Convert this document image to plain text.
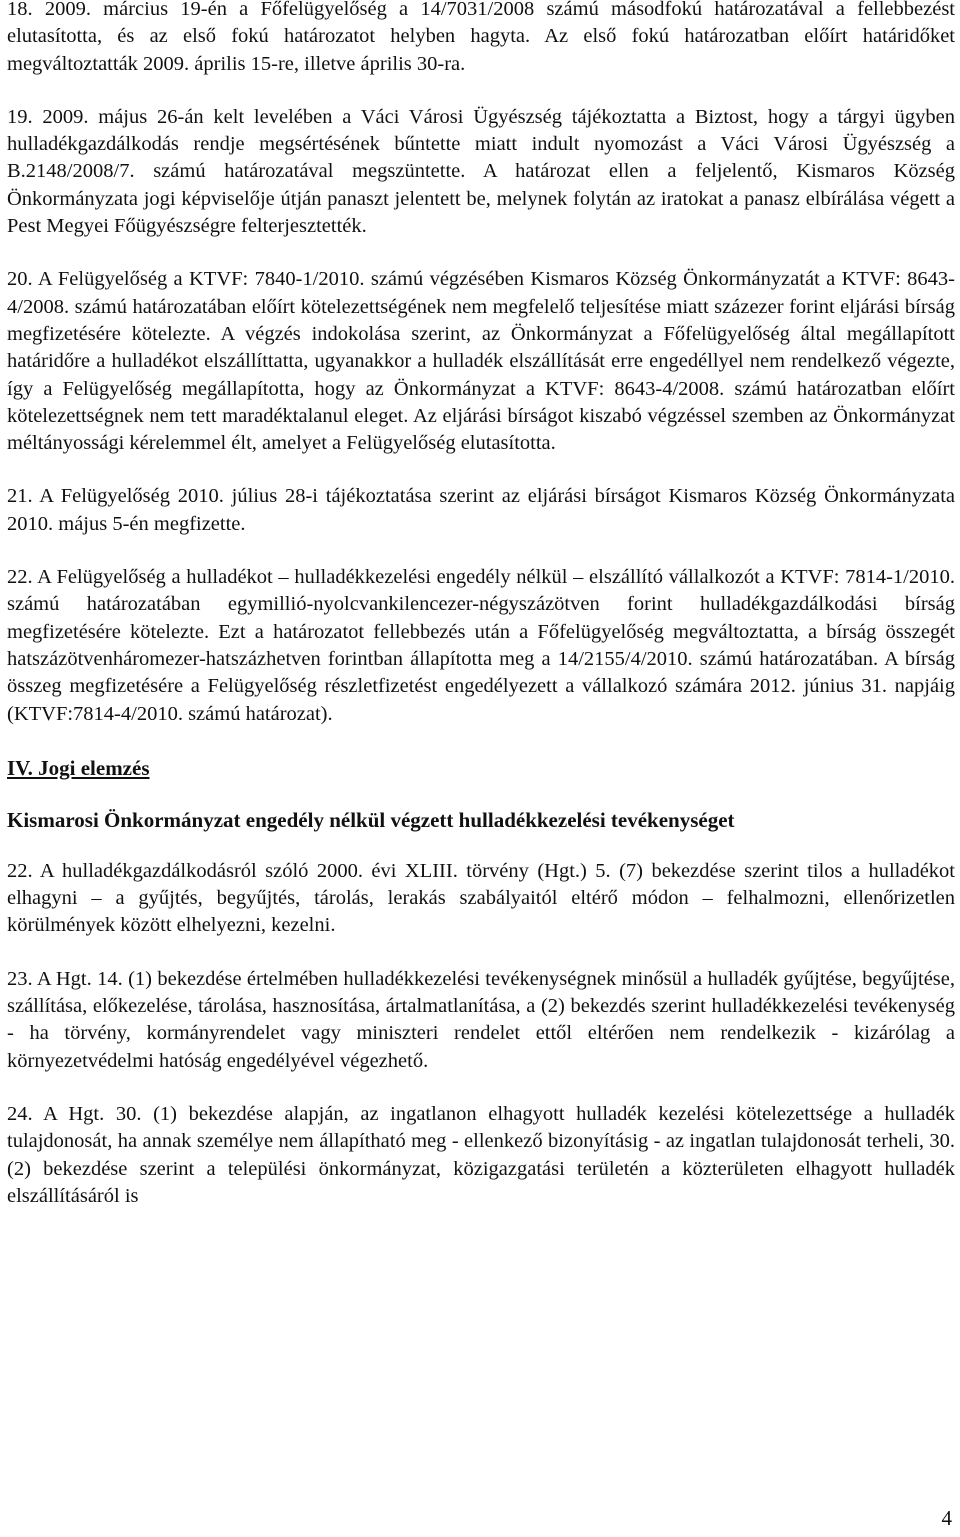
18. 2009. március 19-én a Főfelügyelőség a 14/7031/2008 számú másodfokú határozatával a fellebbezést elutasította, és az első fokú határozatot helyben hagyta. Az első fokú határozatban előírt határidőket megváltoztatták 2009. április 15-re, illetve április 30-ra.

19. 2009. május 26-án kelt levelében a Váci Városi Ügyészség tájékoztatta a Biztost, hogy a tárgyi ügyben hulladékgazdálkodás rendje megsértésének bűntette miatt indult nyomozást a Váci Városi Ügyészség a B.2148/2008/7. számú határozatával megszüntette. A határozat ellen a feljelentő, Kismaros Község Önkormányzata jogi képviselője útján panaszt jelentett be, melynek folytán az iratokat a panasz elbírálása végett a Pest Megyei Főügyészségre felterjesztették.

20. A Felügyelőség a KTVF: 7840-1/2010. számú végzésében Kismaros Község Önkormányzatát a KTVF: 8643-4/2008. számú határozatában előírt kötelezettségének nem megfelelő teljesítése miatt százezer forint eljárási bírság megfizetésére kötelezte. A végzés indokolása szerint, az Önkormányzat a Főfelügyelőség által megállapított határidőre a hulladékot elszállíttatta, ugyanakkor a hulladék elszállítását erre engedéllyel nem rendelkező végezte, így a Felügyelőség megállapította, hogy az Önkormányzat a KTVF: 8643-4/2008. számú határozatban előírt kötelezettségnek nem tett maradéktalanul eleget. Az eljárási bírságot kiszabó végzéssel szemben az Önkormányzat méltányossági kérelemmel élt, amelyet a Felügyelőség elutasította.

21. A Felügyelőség 2010. július 28-i tájékoztatása szerint az eljárási bírságot Kismaros Község Önkormányzata 2010. május 5-én megfizette.

22. A Felügyelőség a hulladékot – hulladékkezelési engedély nélkül – elszállító vállalkozót a KTVF: 7814-1/2010. számú határozatában egymillió-nyolcvankilencezer-négyszázötven forint hulladékgazdálkodási bírság megfizetésére kötelezte. Ezt a határozatot fellebbezés után a Főfelügyelőség megváltoztatta, a bírság összegét hatszázötvenháromezer-hatszázhetven forintban állapította meg a 14/2155/4/2010. számú határozatában. A bírság összeg megfizetésére a Felügyelőség részletfizetést engedélyezett a vállalkozó számára 2012. június 31. napjáig (KTVF:7814-4/2010. számú határozat).

IV. Jogi elemzés
Kismarosi Önkormányzat engedély nélkül végzett hulladékkezelési tevékenységet

22. A hulladékgazdálkodásról szóló 2000. évi XLIII. törvény (Hgt.) 5. (7) bekezdése szerint tilos a hulladékot elhagyni – a gyűjtés, begyűjtés, tárolás, lerakás szabályaitól eltérő módon – felhalmozni, ellenőrizetlen körülmények között elhelyezni, kezelni.

23. A Hgt. 14. (1) bekezdése értelmében hulladékkezelési tevékenységnek minősül a hulladék gyűjtése, begyűjtése, szállítása, előkezelése, tárolása, hasznosítása, ártalmatlanítása, a (2) bekezdés szerint hulladékkezelési tevékenység - ha törvény, kormányrendelet vagy miniszteri rendelet ettől eltérően nem rendelkezik - kizárólag a környezetvédelmi hatóság engedélyével végezhető.

24. A Hgt. 30. (1) bekezdése alapján, az ingatlanon elhagyott hulladék kezelési kötelezettsége a hulladék tulajdonosát, ha annak személye nem állapítható meg - ellenkező bizonyításig - az ingatlan tulajdonosát terheli, 30. (2) bekezdése szerint a települési önkormányzat, közigazgatási területén a közterületen elhagyott hulladék elszállításáról is

4
